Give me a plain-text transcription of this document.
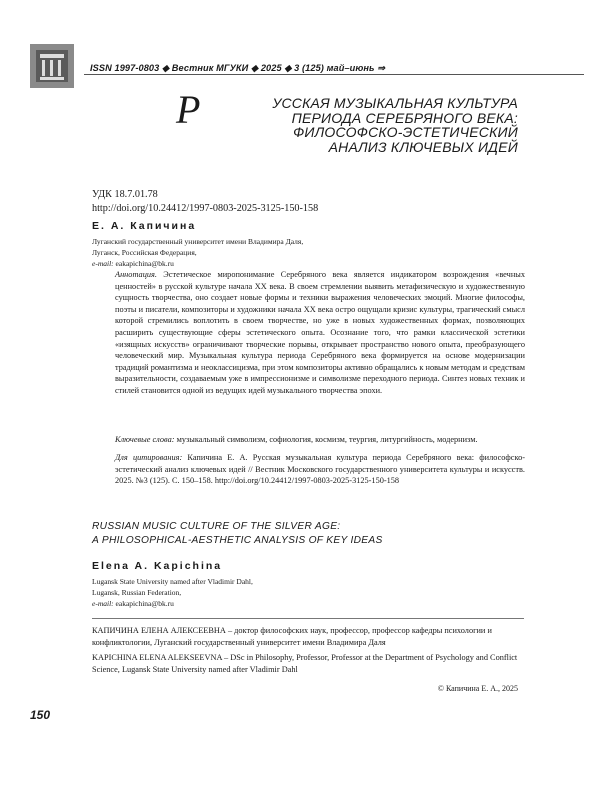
ISSN 1997-0803 ◆ Вестник МГУКИ ◆ 2025 ◆ 3 (125) май–июнь ⇒
Р	УССКАЯ МУЗЫКАЛЬНАЯ КУЛЬТУРА
ПЕРИОДА СЕРЕБРЯНОГО ВЕКА:
ФИЛОСОФСКО-ЭСТЕТИЧЕСКИЙ
АНАЛИЗ КЛЮЧЕВЫХ ИДЕЙ
УДК 18.7.01.78
http://doi.org/10.24412/1997-0803-2025-3125-150-158
Е. А. Капичина
Луганский государственный университет имени Владимира Даля,
Луганск, Российская Федерация,
e-mail: eakapichina@bk.ru
Аннотация. Эстетическое миропонимание Серебряного века является индикатором возрождения «вечных ценностей» в русской культуре начала XX века. В своем стремлении выявить метафизическую и художественную сущность творчества, оно создает новые формы и техники выражения человеческих эмоций. Многие философы, поэты и писатели, композиторы и художники начала XX века остро ощущали кризис культуры, трагический смысл которой стремились воплотить в своем творчестве, но уже в новых художественных формах, позволяющих расширить существующие сферы эстетического опыта. Осознание того, что рамки классической эстетики «изящных искусств» ограничивают творческие порывы, открывает пространство нового опыта, преобразующего человеческий мир. Музыкальная культура периода Серебряного века формируется на основе модернизации традиций романтизма и неоклассицизма, при этом композиторы активно обращались к новым методам и средствам выразительности, создаваемым уже в импрессионизме и символизме переходного периода. Синтез новых техник и стилей становится одной из ведущих идей музыкального творчества эпохи.
Ключевые слова: музыкальный символизм, софиология, космизм, теургия, литургийность, модернизм.
Для цитирования: Капичина Е. А. Русская музыкальная культура периода Серебряного века: философско-эстетический анализ ключевых идей // Вестник Московского государственного университета культуры и искусств. 2025. №3 (125). С. 150–158. http://doi.org/10.24412/1997-0803-2025-3125-150-158
RUSSIAN MUSIC CULTURE OF THE SILVER AGE:
A PHILOSOPHICAL-AESTHETIC ANALYSIS OF KEY IDEAS
Elena A. Kapichina
Lugansk State University named after Vladimir Dahl,
Lugansk, Russian Federation,
e-mail: eakapichina@bk.ru
КАПИЧИНА ЕЛЕНА АЛЕКСЕЕВНА – доктор философских наук, профессор, профессор кафедры психологии и конфликтологии, Луганский государственный университет имени Владимира Даля
KAPICHINA ELENA ALEKSEEVNA – DSc in Philosophy, Professor, Professor at the Department of Psychology and Conflict Science, Lugansk State University named after Vladimir Dahl
© Капичина Е. А., 2025
150
